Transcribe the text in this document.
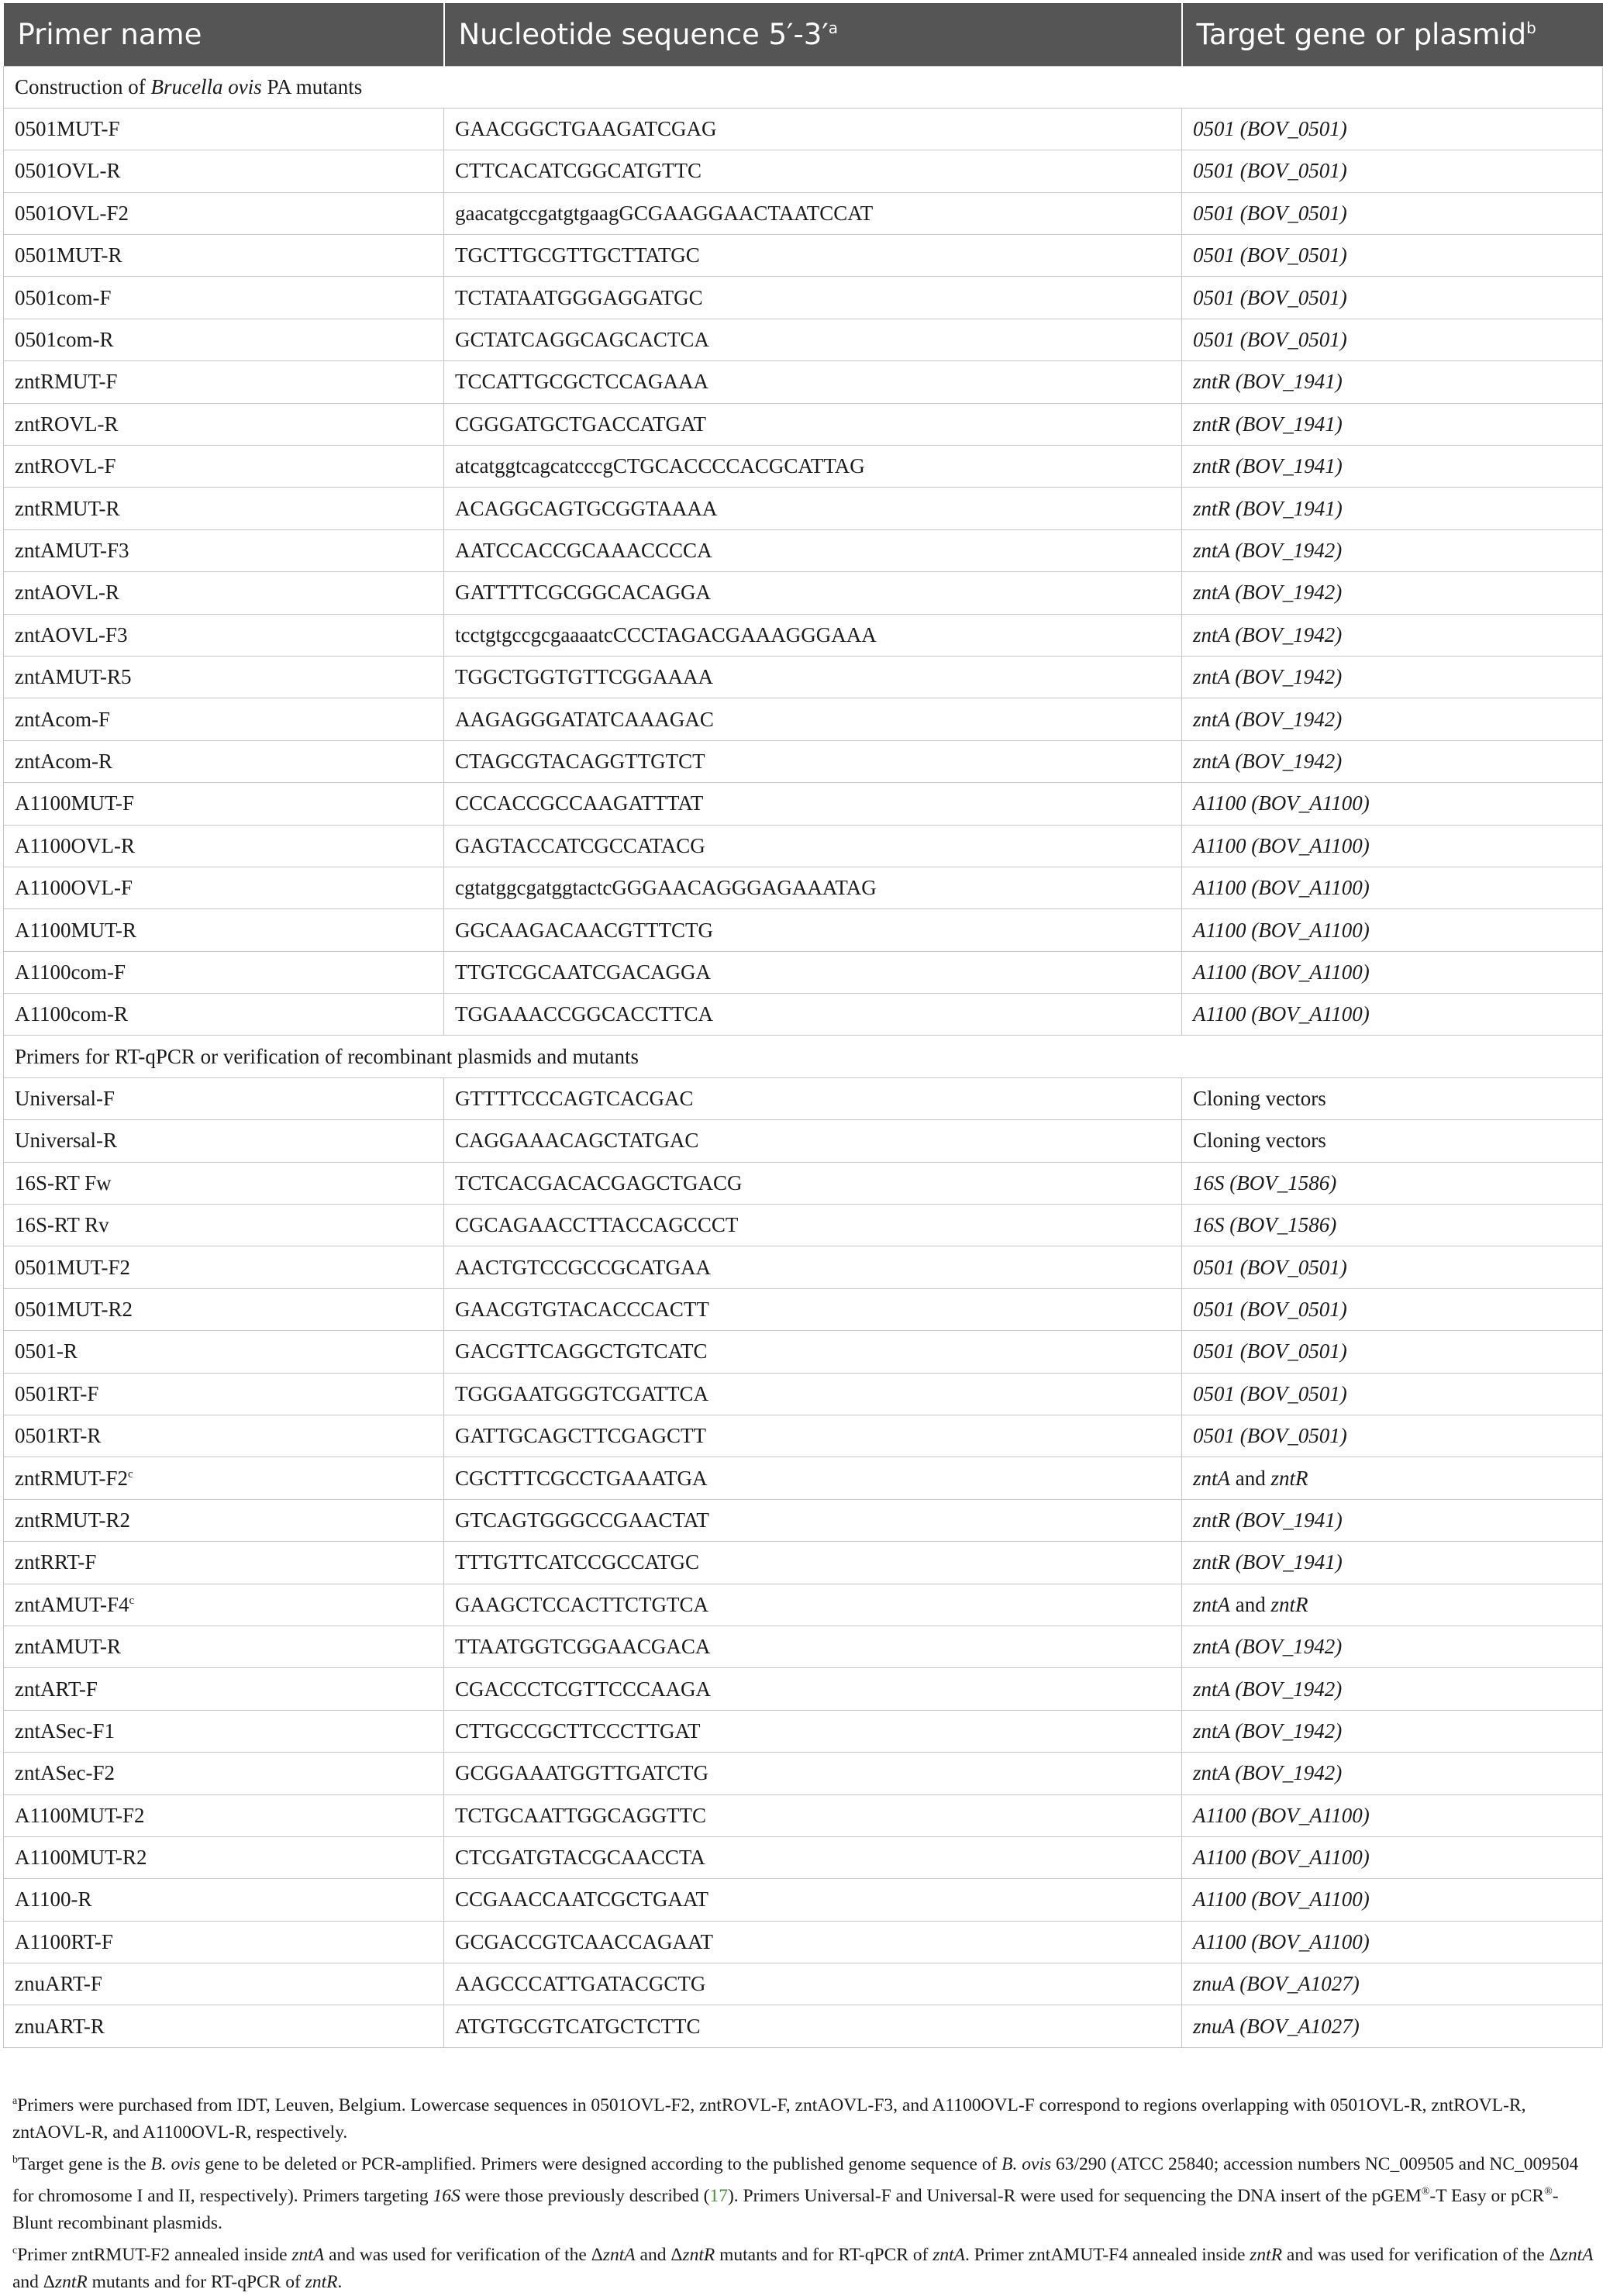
Primer name	Nucleotide sequence $5'-3'^a$	Target gene or plasmid$^b$
Construction of Brucella ovis PA mutants		
0501MUT-F	GAACGGCTGAAGATCGAG	0501 (BOV_0501)
0501OVL-R	CTTCACATCGGCATGTTC	0501 (BOV_0501)
0501OVL-F2	gaacatgccgatgtgaagGCGAAGGAACTAATCCAT	0501 (BOV_0501)
0501MUT-R	TGCTTGCGTTGCTTATGC	0501 (BOV_0501)
0501com-F	TCTATAATGGGAGGATGC	0501 (BOV_0501)
0501com-R	GCTATCAGGCAGCACTCA	0501 (BOV_0501)
zntRMUT-F	TCCATTGCGCTCCAGAAA	zntR (BOV_1941)
zntROVL-R	CGGGATGCTGACCATGAT	zntR (BOV_1941)
zntROVL-F	atcatggtcagcatcccgCTGCACCCCACGCATTAG	zntR (BOV_1941)
zntRMUT-R	ACAGGCAGTGCGGTAAAA	zntR (BOV_1941)
zntAMUT-F3	AATCCACCGCAAACCCCA	zntA (BOV_1942)
zntAOVL-R	GATTTTCGCGGCACAGGA	zntA (BOV_1942)
zntAOVL-F3	tcctgtgccgcgaaaatcCCCTAGACGAAAGGGAAA	zntA (BOV_1942)
zntAMUT-R5	TGGCTGGTGTTCGGAAAA	zntA (BOV_1942)
zntAcom-F	AAGAGGGATATCAAAGAC	zntA (BOV_1942)
zntAcom-R	CTAGCGTACAGGTTGTCT	zntA (BOV_1942)
A1100MUT-F	CCCACCGCCAAGATTTAT	A1100 (BOV_A1100)
A1100OVL-R	GAGTACCATCGCCATACG	A1100 (BOV_A1100)
A1100OVL-F	cgtatggcgatggtactcGGGAACAGGGAGAAATAG	A1100 (BOV_A1100)
A1100MUT-R	GGCAAGACAACGTTTCTG	A1100 (BOV_A1100)
A1100com-F	TTGTCGCAATCGACAGGA	A1100 (BOV_A1100)
A1100com-R	TGGAAACCGGCACCTTCA	A1100 (BOV_A1100)
Primers for RT-qPCR or verification of recombinant plasmids and mutants		
Universal-F	GTTTTCCCAGTCACGAC	Cloning vectors
Universal-R	CAGGAAACAGCTATGAC	Cloning vectors
16S-RT Fw	TCTCACGACACGAGCTGACG	16S (BOV_1586)
16S-RT Rv	CGCAGAACCTTACCAGCCCT	16S (BOV_1586)
0501MUT-F2	AACTGTCCGCCGCATGAA	0501 (BOV_0501)
0501MUT-R2	GAACGTGTACACCCACTT	0501 (BOV_0501)
0501-R	GACGTTCAGGCTGTCATC	0501 (BOV_0501)
0501RT-F	TGGGAATGGGTCGATTCA	0501 (BOV_0501)
0501RT-R	GATTGCAGCTTCGAGCTT	0501 (BOV_0501)
zntRMUT-F2$^c$	CGCTTTCGCCTGAAATGA	zntA and zntR
zntRMUT-R2	GTCAGTGGGCCGAACTAT	zntR (BOV_1941)
zntRRT-F	TTTGTTCATCCGCCATGC	zntR (BOV_1941)
zntAMUT-F4$^c$	GAAGCTCCACTTCTGTCA	zntA and zntR
zntAMUT-R	TTAATGGTCGGAACGACA	zntA (BOV_1942)
zntART-F	CGACCCTCGTTCCCAAGA	zntA (BOV_1942)
zntASec-F1	CTTGCCGCTTCCCTTGAT	zntA (BOV_1942)
zntASec-F2	GCGGAAATGGTTGATCTG	zntA (BOV_1942)
A1100MUT-F2	TCTGCAATTGGCAGGTTC	A1100 (BOV_A1100)
A1100MUT-R2	CTCGATGTACGCAACCTA	A1100 (BOV_A1100)
A1100-R	CCGAACCAATCGCTGAAT	A1100 (BOV_A1100)
A1100RT-F	GCGACCGTCAACCAGAAT	A1100 (BOV_A1100)
znuART-F	AAGCCCATTGATACGCTG	znuA (BOV_A1027)
znuART-R	ATGTGCGTCATGCTCTTC	znuA (BOV_A1027)

$^a$Primers were purchased from IDT, Leuven, Belgium. Lowercase sequences in 0501OVL-F2, zntROVL-F, zntAOVL-F3, and A1100OVL-F correspond to regions overlapping with 0501OVL-R, zntROVL-R, zntAOVL-R, and A1100OVL-R, respectively.

$^b$Target gene is the B. ovis gene to be deleted or PCR-amplified. Primers were designed according to the published genome sequence of B. ovis 63/290 (ATCC 25840; accession numbers NC_009505 and NC_009504 for chromosome I and II, respectively). Primers targeting 16S were those previously described (17). Primers Universal-F and Universal-R were used for sequencing the DNA insert of the pGEM®-T Easy or pCR®-Blunt recombinant plasmids.

$^c$Primer zntRMUT-F2 annealed inside zntA and was used for verification of the ΔzntA and ΔzntR mutants and for RT-qPCR of zntA. Primer zntAMUT-F4 annealed inside zntR and was used for verification of the ΔzntA and ΔzntR mutants and for RT-qPCR of zntR.
